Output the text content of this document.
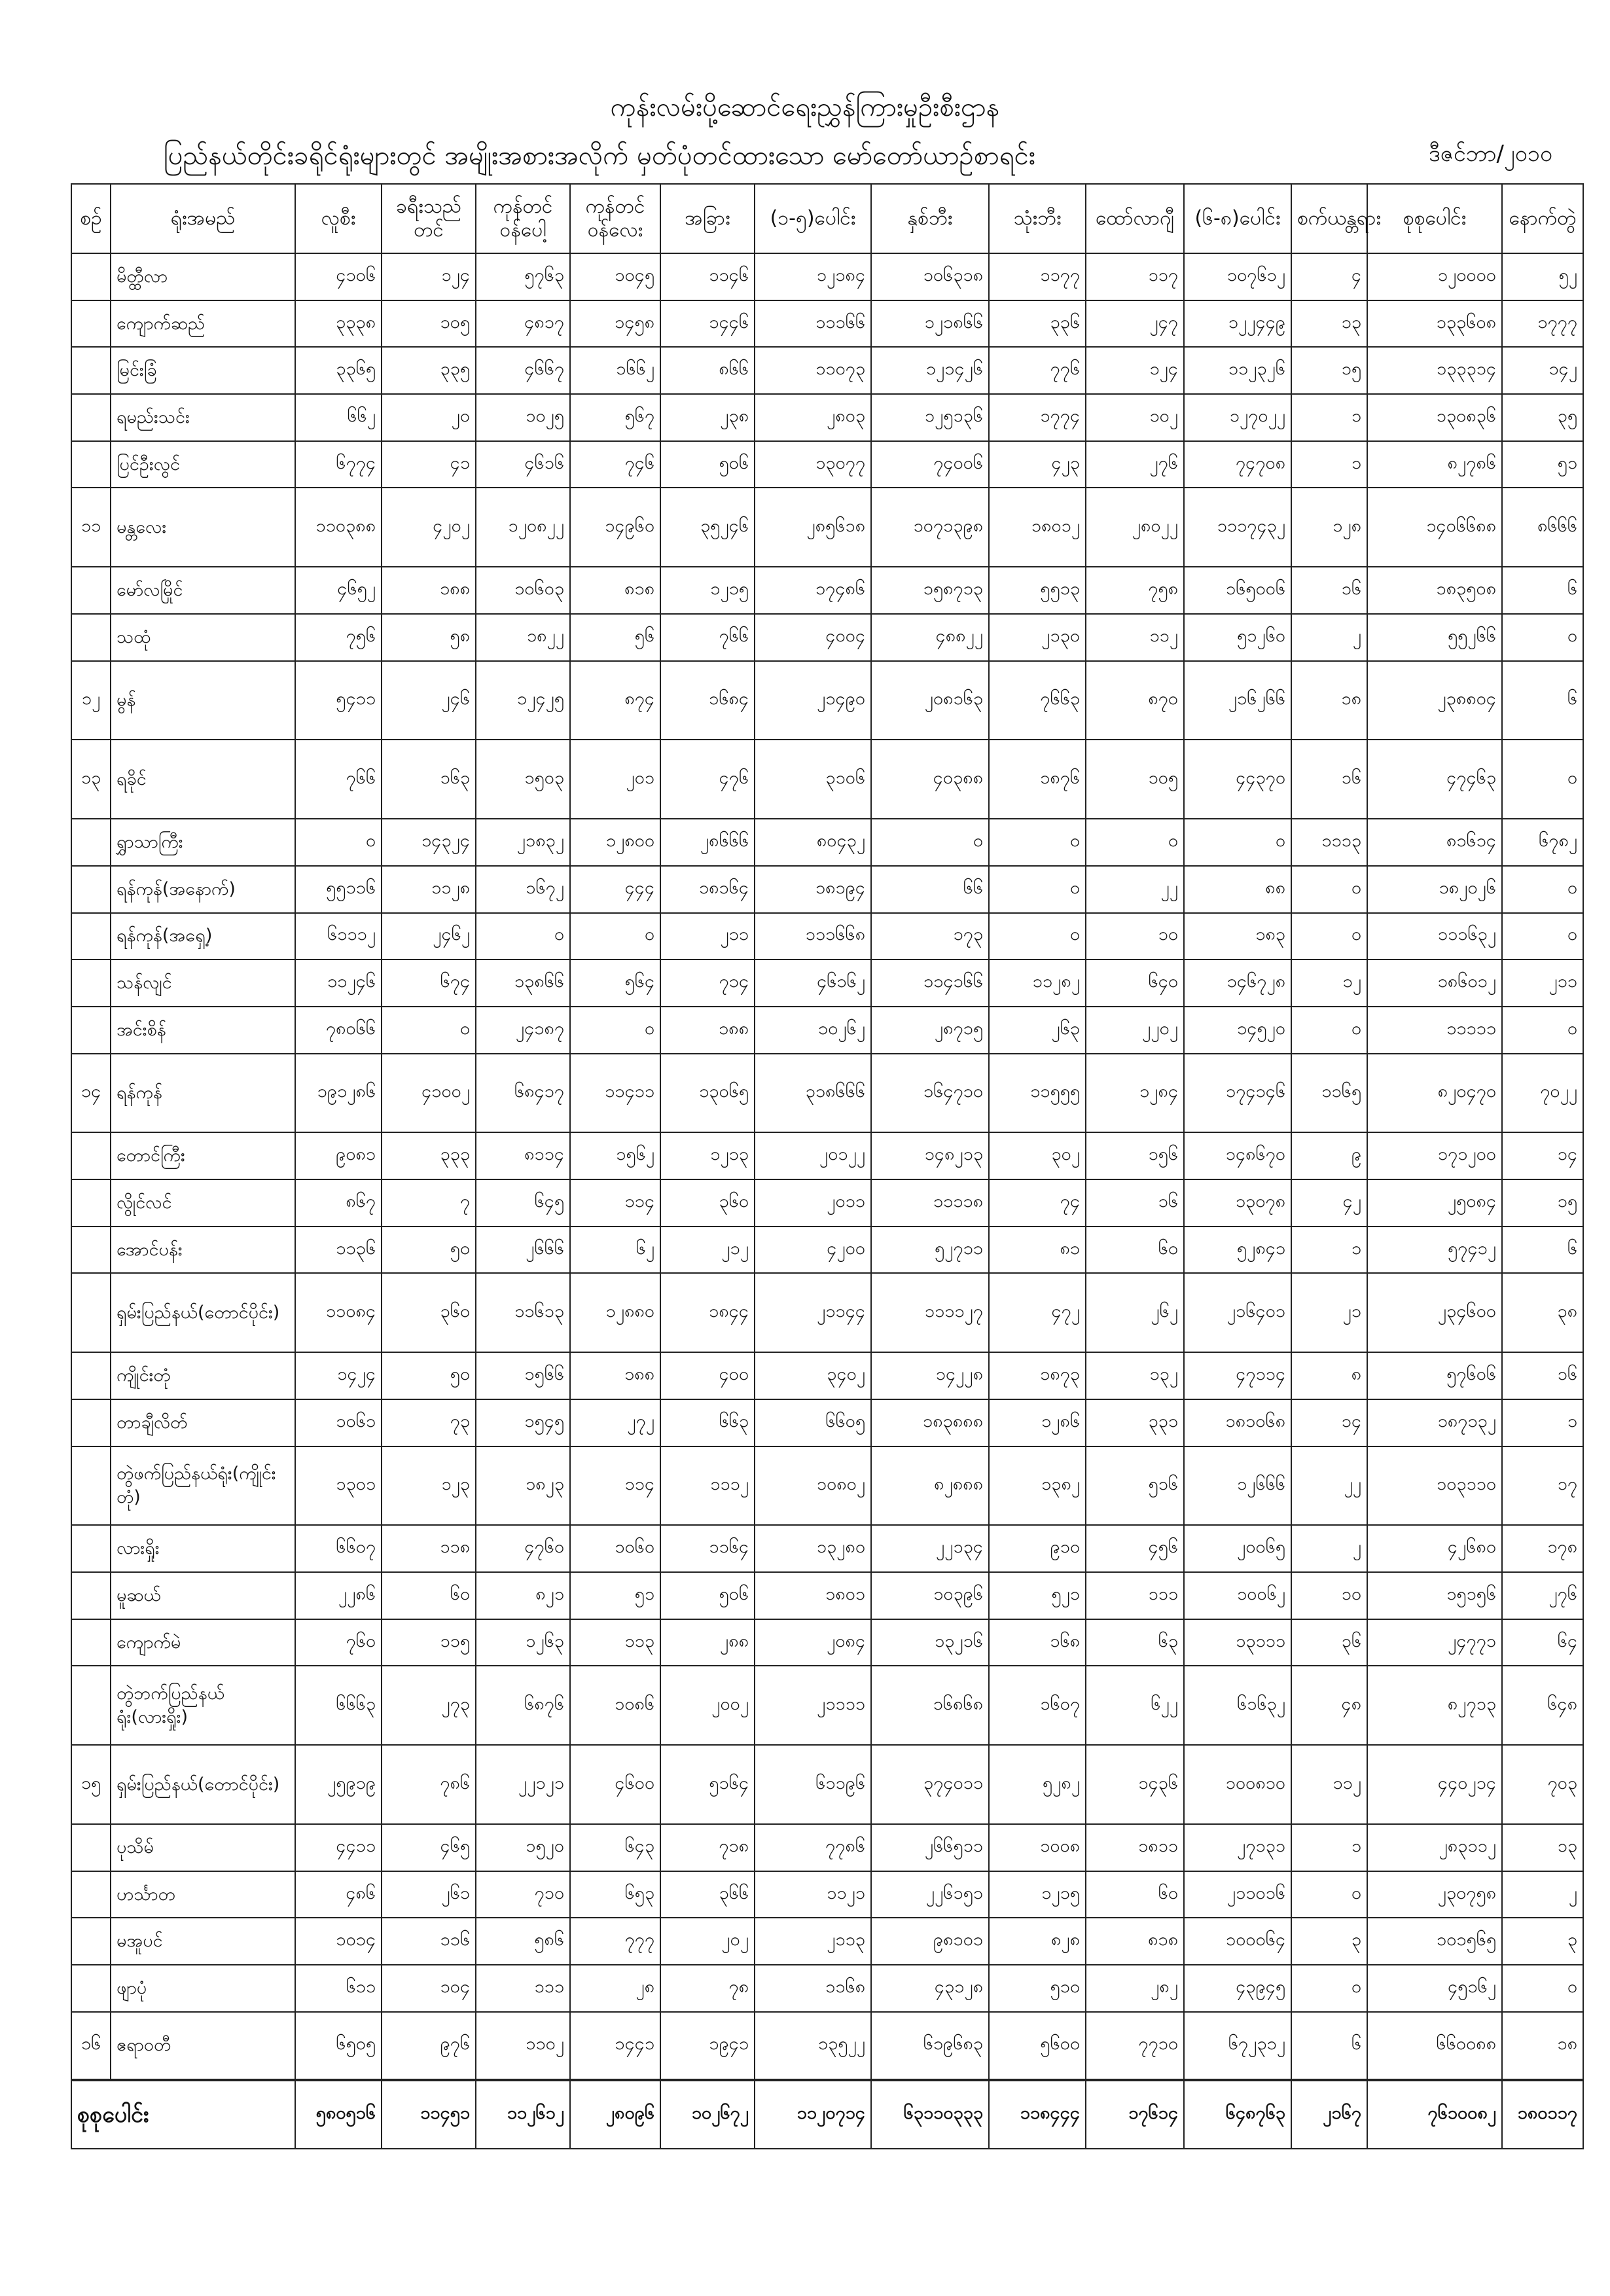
ကုန်းလမ်းပို့ဆောင်ရေးညွှန်ကြားမှုဦးစီးဌာန
ပြည်နယ်တိုင်းခရိုင်ရုံးများတွင် အမျိုးအစားအလိုက် မှတ်ပုံတင်ထားသော မော်တော်ယာဉ်စာရင်း	ဒီဇင်ဘာ/၂၀၁၀
စဉ်	ရုံးအမည်	လူစီး	ခရီးသည်တင်	ကုန်တင်ဝန်ပေါ့	ကုန်တင်ဝန်လေး	အခြား	(၁-၅)ပေါင်း	နှစ်ဘီး	သုံးဘီး	ထော်လာဂျီ	(၆-၈)ပေါင်း	စက်ယန္တရား	စုစုပေါင်း	နောက်တွဲ
	မိတ္ထီလာ	၄၁၀၆	၁၂၄	၅၇၆၃	၁၀၄၅	၁၁၄၆	၁၂၁၈၄	၁၀၆၃၁၈	၁၁၇၇	၁၁၇	၁၀၇၆၁၂	၄	၁၂၀၀၀၀	၅၂
	ကျောက်ဆည်	၃၃၃၈	၁၀၅	၄၈၁၇	၁၄၅၈	၁၄၄၆	၁၁၁၆၆	၁၂၁၈၆၆	၃၃၆	၂၄၇	၁၂၂၄၄၉	၁၃	၁၃၃၆၀၈	၁၇၇၇
	မြင်းခြံ	၃၃၆၅	၃၃၅	၄၆၆၇	၁၆၆၂	၈၆၆	၁၁၀၇၃	၁၂၁၄၂၆	၇၇၆	၁၂၄	၁၁၂၃၂၆	၁၅	၁၃၃၃၁၄	၁၄၂
	ရမည်းသင်း	၆၆၂	၂၀	၁၀၂၅	၅၆၇	၂၃၈	၂၈၀၃	၁၂၅၁၃၆	၁၇၇၄	၁၀၂	၁၂၇၀၂၂	၁	၁၃၀၈၃၆	၃၅
	ပြင်ဦးလွင်	၆၇၇၄	၄၁	၄၆၁၆	၇၄၆	၅၀၆	၁၃၀၇၇	၇၄၀၀၆	၄၂၃	၂၇၆	၇၄၇၀၈	၁	၈၂၇၈၆	၅၁
၁၁	မန္တလေး	၁၁၀၃၈၈	၄၂၀၂	၁၂၀၈၂၂	၁၄၉၆၀	၃၅၂၄၆	၂၈၅၆၁၈	၁၀၇၁၃၉၈	၁၈၀၁၂	၂၈၀၂၂	၁၁၁၇၄၃၂	၁၂၈	၁၄၀၆၆၈၈	၈၆၆၆
	မော်လမြိုင်	၄၆၅၂	၁၈၈	၁၀၆၀၃	၈၁၈	၁၂၁၅	၁၇၄၈၆	၁၅၈၇၁၃	၅၅၁၃	၇၅၈	၁၆၅၀၀၆	၁၆	၁၈၃၅၀၈	၆
	သထုံ	၇၅၆	၅၈	၁၈၂၂	၅၆	၇၆၆	၄၀၀၄	၄၈၈၂၂	၂၁၃၀	၁၁၂	၅၁၂၆၀	၂	၅၅၂၆၆	၀
၁၂	မွန်	၅၄၁၁	၂၄၆	၁၂၄၂၅	၈၇၄	၁၆၈၄	၂၁၄၉၀	၂၀၈၁၆၃	၇၆၆၃	၈၇၀	၂၁၆၂၆၆	၁၈	၂၃၈၈၀၄	၆
၁၃	ရခိုင်	၇၆၆	၁၆၃	၁၅၀၃	၂၀၁	၄၇၆	၃၁၀၆	၄၀၃၈၈	၁၈၇၆	၁၀၅	၄၄၃၇၀	၁၆	၄၇၄၆၃	၀
	ရွှာသာကြီး	၀	၁၄၃၂၄	၂၁၈၃၂	၁၂၈၀၀	၂၈၆၆၆	၈၀၄၃၂	၀	၀	၀	၀	၁၁၁၃	၈၁၆၁၄	၆၇၈၂
	ရန်ကုန်(အနောက်)	၅၅၁၁၆	၁၁၂၈	၁၆၇၂	၄၄၄	၁၈၁၆၄	၁၈၁၉၄	၆၆	၀	၂၂	၈၈	၀	၁၈၂၀၂၆	၀
	ရန်ကုန်(အရှေ့)	၆၁၁၁၂	၂၄၆၂	၀	၀	၂၁၁	၁၁၁၆၆၈	၁၇၃	၀	၁၀	၁၈၃	၀	၁၁၁၆၃၂	၀
	သန်လျင်	၁၁၂၄၆	၆၇၄	၁၃၈၆၆	၅၆၄	၇၁၄	၄၆၁၆၂	၁၁၄၁၆၆	၁၁၂၈၂	၆၄၀	၁၄၆၇၂၈	၁၂	၁၈၆၀၁၂	၂၁၁
	အင်းစိန်	၇၈၀၆၆	၀	၂၄၁၈၇	၀	၁၈၈	၁၀၂၆၂	၂၈၇၁၅	၂၆၃	၂၂၀၂	၁၄၅၂၀	၀	၁၁၁၁၁	၀
၁၄	ရန်ကုန်	၁၉၁၂၈၆	၄၁၀၀၂	၆၈၄၁၇	၁၁၄၁၁	၁၃၀၆၅	၃၁၈၆၆၆	၁၆၄၇၁၀	၁၁၅၅၅	၁၂၈၄	၁၇၄၁၄၆	၁၁၆၅	၈၂၀၄၇၀	၇၀၂၂
	တောင်ကြီး	၉၀၈၁	၃၃၃	၈၁၁၄	၁၅၆၂	၁၂၁၃	၂၀၁၂၂	၁၄၈၂၁၃	၃၀၂	၁၅၆	၁၄၈၆၇၀	၉	၁၇၁၂၀၀	၁၄
	လွိုင်လင်	၈၆၇	၇	၆၄၅	၁၁၄	၃၆၀	၂၀၁၁	၁၁၁၁၈	၇၄	၁၆	၁၃၀၇၈	၄၂	၂၅၀၈၄	၁၅
	အောင်ပန်း	၁၁၃၆	၅၀	၂၆၆၆	၆၂	၂၁၂	၄၂၀၀	၅၂၇၁၁	၈၁	၆၀	၅၂၈၄၁	၁	၅၇၄၁၂	၆
	ရှမ်းပြည်နယ်(တောင်ပိုင်း)	၁၁၀၈၄	၃၆၀	၁၁၆၁၃	၁၂၈၈၀	၁၈၄၄	၂၁၁၄၄	၁၁၁၁၂၇	၄၇၂	၂၆၂	၂၁၆၄၀၁	၂၁	၂၃၄၆၀၀	၃၈
	ကျိုင်းတုံ	၁၄၂၄	၅၀	၁၅၆၆	၁၈၈	၄၀၀	၃၄၀၂	၁၄၂၂၈	၁၈၇၃	၁၃၂	၄၇၁၁၄	၈	၅၇၆၀၆	၁၆
	တာချီလိတ်	၁၀၆၁	၇၃	၁၅၄၅	၂၇၂	၆၆၃	၆၆၀၅	၁၈၃၈၈၈	၁၂၈၆	၃၃၁	၁၈၁၀၆၈	၁၄	၁၈၇၁၃၂	၁
	တွဲဖက်ပြည်နယ်ရုံး(ကျိုင်းတုံ)	၁၃၀၁	၁၂၃	၁၈၂၃	၁၁၄	၁၁၁၂	၁၀၈၀၂	၈၂၈၈၈	၁၃၈၂	၅၁၆	၁၂၆၆၆	၂၂	၁၀၃၁၁၀	၁၇
	လားရှိုး	၆၆၀၇	၁၁၈	၄၇၆၀	၁၀၆၀	၁၁၆၄	၁၃၂၈၀	၂၂၁၃၄	၉၁၀	၄၅၆	၂၀၀၆၅	၂	၄၂၆၈၀	၁၇၈
	မူဆယ်	၂၂၈၆	၆၀	၈၂၁	၅၁	၅၀၆	၁၈၀၁	၁၀၃၉၆	၅၂၁	၁၁၁	၁၀၀၆၂	၁၀	၁၅၁၅၆	၂၇၆
	ကျောက်မဲ	၇၆၀	၁၁၅	၁၂၆၃	၁၁၃	၂၈၈	၂၀၈၄	၁၃၂၁၆	၁၆၈	၆၃	၁၃၁၁၁	၃၆	၂၄၇၇၁	၆၄
	တွဲဘက်ပြည်နယ်ရုံး(လားရှိုး)	၆၆၆၃	၂၇၃	၆၈၇၆	၁၀၈၆	၂၀၀၂	၂၁၁၁၁	၁၆၈၆၈	၁၆၀၇	၆၂၂	၆၁၆၃၂	၄၈	၈၂၇၁၃	၆၄၈
၁၅	ရှမ်းပြည်နယ်(တောင်ပိုင်း)	၂၅၉၁၉	၇၈၆	၂၂၁၂၁	၄၆၀၀	၅၁၆၄	၆၁၁၉၆	၃၇၄၀၁၁	၅၂၈၂	၁၄၃၆	၁၀၀၈၁၀	၁၁၂	၄၄၀၂၁၄	၇၀၃
	ပုသိမ်	၄၄၁၁	၄၆၅	၁၅၂၀	၆၄၃	၇၁၈	၇၇၈၆	၂၆၆၅၁၁	၁၀၀၈	၁၈၁၁	၂၇၁၃၁	၁	၂၈၃၁၁၂	၁၃
	ဟင်္သာတ	၄၈၆	၂၆၁	၇၁၀	၆၅၃	၃၆၆	၁၁၂၁	၂၂၆၁၅၁	၁၂၁၅	၆၀	၂၁၁၀၁၆	၀	၂၃၀၇၅၈	၂
	မအူပင်	၁၀၁၄	၁၁၆	၅၈၆	၇၇၇	၂၀၂	၂၁၁၃	၉၈၁၀၁	၈၂၈	၈၁၈	၁၀၀၀၆၄	၃	၁၀၁၅၆၅	၃
	ဖျာပုံ	၆၁၁	၁၀၄	၁၁၁	၂၈	၇၈	၁၁၆၈	၄၃၁၂၈	၅၁၀	၂၈၂	၄၃၉၄၅	၀	၄၅၁၆၂	၀
၁၆	ဧရာဝတီ	၆၅၀၅	၉၇၆	၁၁၀၂	၁၄၄၁	၁၉၄၁	၁၃၅၂၂	၆၁၉၆၈၃	၅၆၀၀	၇၇၁၀	၆၇၂၃၁၂	၆	၆၆၀၀၈၈	၁၈
စုစုပေါင်း		၅၈၀၅၁၆	၁၁၄၅၁	၁၁၂၆၁၂	၂၈၀၉၆	၁၀၂၆၇၂	၁၁၂၀၇၁၄	၆၃၁၁၀၃၃၃	၁၁၈၄၄၄	၁၇၆၁၄	၆၄၈၇၆၃	၂၁၆၇	၇၆၁၀၀၈၂	၁၈၀၁၁၇
